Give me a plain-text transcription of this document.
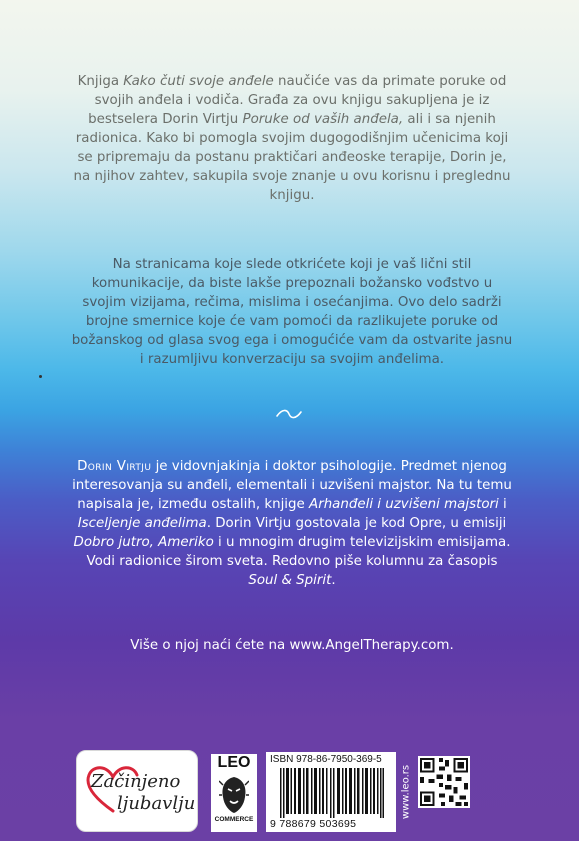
Knjiga Kako čuti svoje anđele naučiće vas da primate poruke od svojih anđela i vodiča. Građa za ovu knjigu sakupljena je iz bestselera Dorin Virtju Poruke od vaših anđela, ali i sa njenih radionica. Kako bi pomogla svojim dugogodišnjim učenicima koji se pripremaju da postanu praktičari anđeoske terapije, Dorin je, na njihov zahtev, sakupila svoje znanje u ovu korisnu i preglednu knjigu.

Na stranicama koje slede otkrićete koji je vaš lični stil komunikacije, da biste lakše prepoznali božansko vođstvo u svojim vizijama, rečima, mislima i osećanjima. Ovo delo sadrži brojne smernice koje će vam pomoći da razlikujete poruke od božanskog od glasa svog ega i omogućiće vam da ostvarite jasnu i razumljivu konverzaciju sa svojim anđelima.

Dorin Virtju je vidovnjakinja i doktor psihologije. Predmet njenog interesovanja su anđeli, elementali i uzvišeni majstor. Na tu temu napisala je, između ostalih, knjige Arhanđeli i uzvišeni majstori i Isceljenje anđelima. Dorin Virtju gostovala je kod Opre, u emisiji Dobro jutro, Ameriko i u mnogim drugim televizijskim emisijama. Vodi radionice širom sveta. Redovno piše kolumnu za časopis Soul & Spirit.

Više o njoj naći ćete na www.AngelTherapy.com.

Začinjeno
ljubavlju
LEO
COMMERCE
ISBN 978-86-7950-369-5
9 788679 503695
www.leo.rs
